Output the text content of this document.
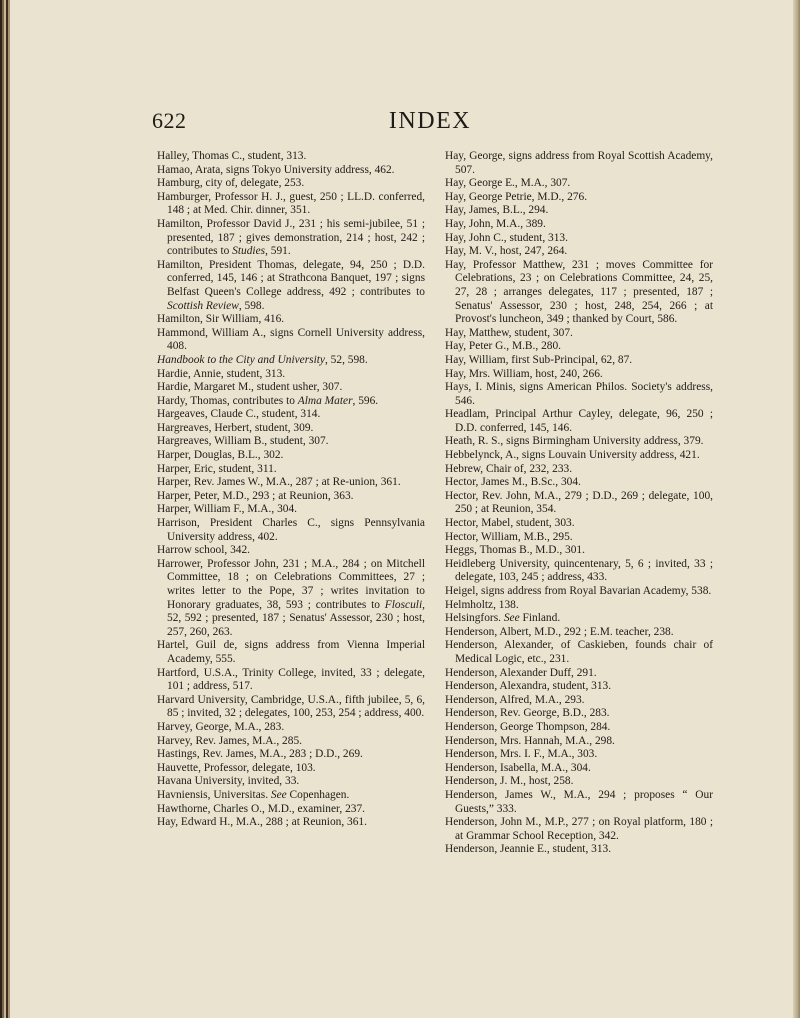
622	INDEX

Halley, Thomas C., student, 313.

Hamao, Arata, signs Tokyo University address, 462.

Hamburg, city of, delegate, 253.

Hamburger, Professor H. J., guest, 250 ; LL.D. conferred, 148 ; at Med. Chir. dinner, 351.

Hamilton, Professor David J., 231 ; his semi-jubilee, 51 ; presented, 187 ; gives demonstration, 214 ; host, 242 ; contributes to Studies, 591.

Hamilton, President Thomas, delegate, 94, 250 ; D.D. conferred, 145, 146 ; at Strathcona Banquet, 197 ; signs Belfast Queen's College address, 492 ; contributes to Scottish Review, 598.

Hamilton, Sir William, 416.

Hammond, William A., signs Cornell University address, 408.

Handbook to the City and University, 52, 598.

Hardie, Annie, student, 313.

Hardie, Margaret M., student usher, 307.

Hardy, Thomas, contributes to Alma Mater, 596.

Hargeaves, Claude C., student, 314.

Hargreaves, Herbert, student, 309.

Hargreaves, William B., student, 307.

Harper, Douglas, B.L., 302.

Harper, Eric, student, 311.

Harper, Rev. James W., M.A., 287 ; at Re-union, 361.

Harper, Peter, M.D., 293 ; at Reunion, 363.

Harper, William F., M.A., 304.

Harrison, President Charles C., signs Pennsylvania University address, 402.

Harrow school, 342.

Harrower, Professor John, 231 ; M.A., 284 ; on Mitchell Committee, 18 ; on Celebrations Committees, 27 ; writes letter to the Pope, 37 ; writes invitation to Honorary graduates, 38, 593 ; contributes to Flosculi, 52, 592 ; presented, 187 ; Senatus' Assessor, 230 ; host, 257, 260, 263.

Hartel, Guil de, signs address from Vienna Imperial Academy, 555.

Hartford, U.S.A., Trinity College, invited, 33 ; delegate, 101 ; address, 517.

Harvard University, Cambridge, U.S.A., fifth jubilee, 5, 6, 85 ; invited, 32 ; delegates, 100, 253, 254 ; address, 400.

Harvey, George, M.A., 283.

Harvey, Rev. James, M.A., 285.

Hastings, Rev. James, M.A., 283 ; D.D., 269.

Hauvette, Professor, delegate, 103.

Havana University, invited, 33.

Havniensis, Universitas. See Copenhagen.

Hawthorne, Charles O., M.D., examiner, 237.

Hay, Edward H., M.A., 288 ; at Reunion, 361.

Hay, George, signs address from Royal Scottish Academy, 507.

Hay, George E., M.A., 307.

Hay, George Petrie, M.D., 276.

Hay, James, B.L., 294.

Hay, John, M.A., 389.

Hay, John C., student, 313.

Hay, M. V., host, 247, 264.

Hay, Professor Matthew, 231 ; moves Committee for Celebrations, 23 ; on Celebrations Committee, 24, 25, 27, 28 ; arranges delegates, 117 ; presented, 187 ; Senatus' Assessor, 230 ; host, 248, 254, 266 ; at Provost's luncheon, 349 ; thanked by Court, 586.

Hay, Matthew, student, 307.

Hay, Peter G., M.B., 280.

Hay, William, first Sub-Principal, 62, 87.

Hay, Mrs. William, host, 240, 266.

Hays, I. Minis, signs American Philos. Society's address, 546.

Headlam, Principal Arthur Cayley, delegate, 96, 250 ; D.D. conferred, 145, 146.

Heath, R. S., signs Birmingham University address, 379.

Hebbelynck, A., signs Louvain University address, 421.

Hebrew, Chair of, 232, 233.

Hector, James M., B.Sc., 304.

Hector, Rev. John, M.A., 279 ; D.D., 269 ; delegate, 100, 250 ; at Reunion, 354.

Hector, Mabel, student, 303.

Hector, William, M.B., 295.

Heggs, Thomas B., M.D., 301.

Heidleberg University, quincentenary, 5, 6 ; invited, 33 ; delegate, 103, 245 ; address, 433.

Heigel, signs address from Royal Bavarian Academy, 538.

Helmholtz, 138.

Helsingfors. See Finland.

Henderson, Albert, M.D., 292 ; E.M. teacher, 238.

Henderson, Alexander, of Caskieben, founds chair of Medical Logic, etc., 231.

Henderson, Alexander Duff, 291.

Henderson, Alexandra, student, 313.

Henderson, Alfred, M.A., 293.

Henderson, Rev. George, B.D., 283.

Henderson, George Thompson, 284.

Henderson, Mrs. Hannah, M.A., 298.

Henderson, Mrs. I. F., M.A., 303.

Henderson, Isabella, M.A., 304.

Henderson, J. M., host, 258.

Henderson, James W., M.A., 294 ; proposes “ Our Guests,” 333.

Henderson, John M., M.P., 277 ; on Royal platform, 180 ; at Grammar School Reception, 342.

Henderson, Jeannie E., student, 313.
